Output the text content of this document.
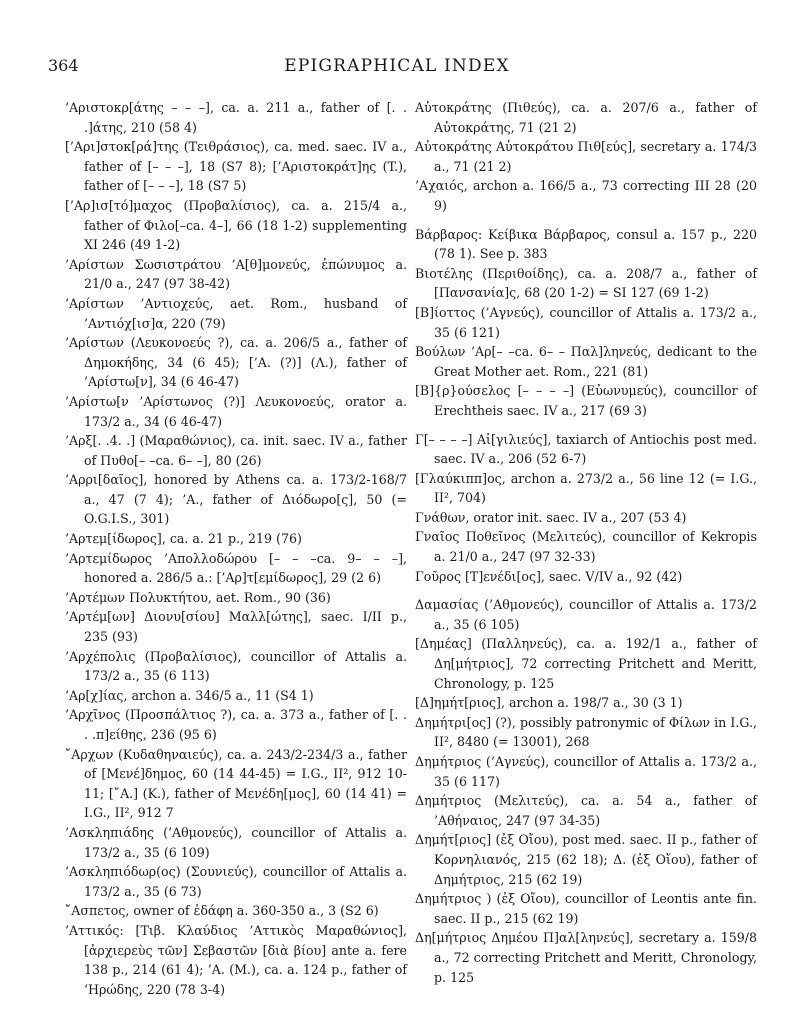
364	EPIGRAPHICAL INDEX

’Αριστοκρ[άτης – – –], ca. a. 211 a., father of [. . .]άτης, 210 (58 4)

[’Αρι]στοκ[ρά]της (Τειθράσιος), ca. med. saec. IV a., father of [– – –], 18 (S7 8); [’Αριστοκράτ]ης (T.), father of [– – –], 18 (S7 5)

[’Αρ]ισ[τό]μαχος (Προβαλίσιος), ca. a. 215/4 a., father of Φιλο[–ca. 4–], 66 (18 1-2) supplementing XI 246 (49 1-2)

’Αρίστων Σωσιστράτου ’Α[θ]μονεύς, ἐπώνυμος a. 21/0 a., 247 (97 38-42)

’Αρίστων ’Αντιοχεύς, aet. Rom., husband of ’Αντιόχ[ισ]α, 220 (79)

’Αρίστων (Λευκονοεύς ?), ca. a. 206/5 a., father of Δημοκήδης, 34 (6 45); [’Α. (?)] (Λ.), father of ’Αρίστω[ν], 34 (6 46-47)

’Αρίστω[ν ’Αρίστωνος (?)] Λευκονοεύς, orator a. 173/2 a., 34 (6 46-47)

’Αρξ[. .4. .] (Μαραθώνιος), ca. init. saec. IV a., father of Πυθο[– –ca. 6– –], 80 (26)

’Αρρι[δαῖος], honored by Athens ca. a. 173/2-168/7 a., 47 (7 4); ’Α., father of Διόδωρο[ς], 50 (= O.G.I.S., 301)

’Αρτεμ[ίδωρος], ca. a. 21 p., 219 (76)

’Αρτεμίδωρος ’Απολλοδώρου [– – –ca. 9– – –], honored a. 286/5 a.: [’Αρ]τ[εμίδωρος], 29 (2 6)

’Αρτέμων Πολυκτήτου, aet. Rom., 90 (36)

’Αρτέμ[ων] Διονυ[σίου] Μαλλ[ώτης], saec. I/II p., 235 (93)

’Αρχέπολις (Προβαλίσιος), councillor of Attalis a. 173/2 a., 35 (6 113)

’Αρ[χ]ίας, archon a. 346/5 a., 11 (S4 1)

’Αρχῖνος (Προσπάλτιος ?), ca. a. 373 a., father of [. . . .π]είθης, 236 (95 6)

῎Αρχων (Κυδαθηναιεύς), ca. a. 243/2-234/3 a., father of [Μενέ]δημος, 60 (14 44-45) = I.G., II², 912 10-11; [῎Α.] (K.), father of Μενέδη[μος], 60 (14 41) = I.G., II², 912 7

’Ασκληπιάδης (’Αθμονεύς), councillor of Attalis a. 173/2 a., 35 (6 109)

’Ασκληπιόδωρ(ος) (Σουνιεύς), councillor of Attalis a. 173/2 a., 35 (6 73)

῎Ασπετος, owner of ἐδάφη a. 360-350 a., 3 (S2 6)

’Αττικός: [Τιβ. Κλαύδιος ’Αττικὸς Μαραθώνιος], [ἀρχιερεὺς τῶν] Σεβαστῶν [διὰ βίου] ante a. fere 138 p., 214 (61 4); ’Α. (M.), ca. a. 124 p., father of ‘Ηρώδης, 220 (78 3-4)

Αὐτοκράτης (Πιθεύς), ca. a. 207/6 a., father of Αὐτοκράτης, 71 (21 2)

Αὐτοκράτης Αὐτοκράτου Πιθ[εύς], secretary a. 174/3 a., 71 (21 2)

’Αχαιός, archon a. 166/5 a., 73 correcting III 28 (20 9)

Βάρβαρος: Κείβικα Βάρβαρος, consul a. 157 p., 220 (78 1). See p. 383

Βιοτέλης (Περιθοίδης), ca. a. 208/7 a., father of [Πανσανία]ς, 68 (20 1-2) = SI 127 (69 1-2)

[Β]ίοττος (’Αγνεύς), councillor of Attalis a. 173/2 a., 35 (6 121)

Βούλων ’Αρ[– –ca. 6– – Παλ]ληνεύς, dedicant to the Great Mother aet. Rom., 221 (81)

[Β]{ρ}ούσελος [– – – –] (Εὐωνυμεύς), councillor of Erechtheis saec. IV a., 217 (69 3)

Γ[– – – –] Αἰ[γιλιεύς], taxiarch of Antiochis post med. saec. IV a., 206 (52 6-7)

[Γλαύκιππ]ος, archon a. 273/2 a., 56 line 12 (= I.G., II², 704)

Γνάθων, orator init. saec. IV a., 207 (53 4)

Γναῖος Ποθεῖνος (Μελιτεύς), councillor of Kekropis a. 21/0 a., 247 (97 32-33)

Γοῦρος [T]ενέδι[ος], saec. V/IV a., 92 (42)

Δαμασίας (’Αθμονεύς), councillor of Attalis a. 173/2 a., 35 (6 105)

[Δημέας] (Παλληνεύς), ca. a. 192/1 a., father of Δη[μήτριος], 72 correcting Pritchett and Meritt, Chronology, p. 125

[Δ]ημήτ[ριος], archon a. 198/7 a., 30 (3 1)

Δημήτρι[ος] (?), possibly patronymic of Φίλων in I.G., II², 8480 (= 13001), 268

Δημήτριος (’Αγνεύς), councillor of Attalis a. 173/2 a., 35 (6 117)

Δημήτριος (Μελιτεύς), ca. a. 54 a., father of ’Αθήναιος, 247 (97 34-35)

Δημήτ[ριος] (ἐξ Οἴου), post med. saec. II p., father of Κορνηλιανός, 215 (62 18); Δ. (ἐξ Οἴου), father of Δημήτριος, 215 (62 19)

Δημήτριος ) (ἐξ Οἴου), councillor of Leontis ante fin. saec. II p., 215 (62 19)

Δη[μήτριος Δημέου Π]αλ[ληνεύς], secretary a. 159/8 a., 72 correcting Pritchett and Meritt, Chronology, p. 125
